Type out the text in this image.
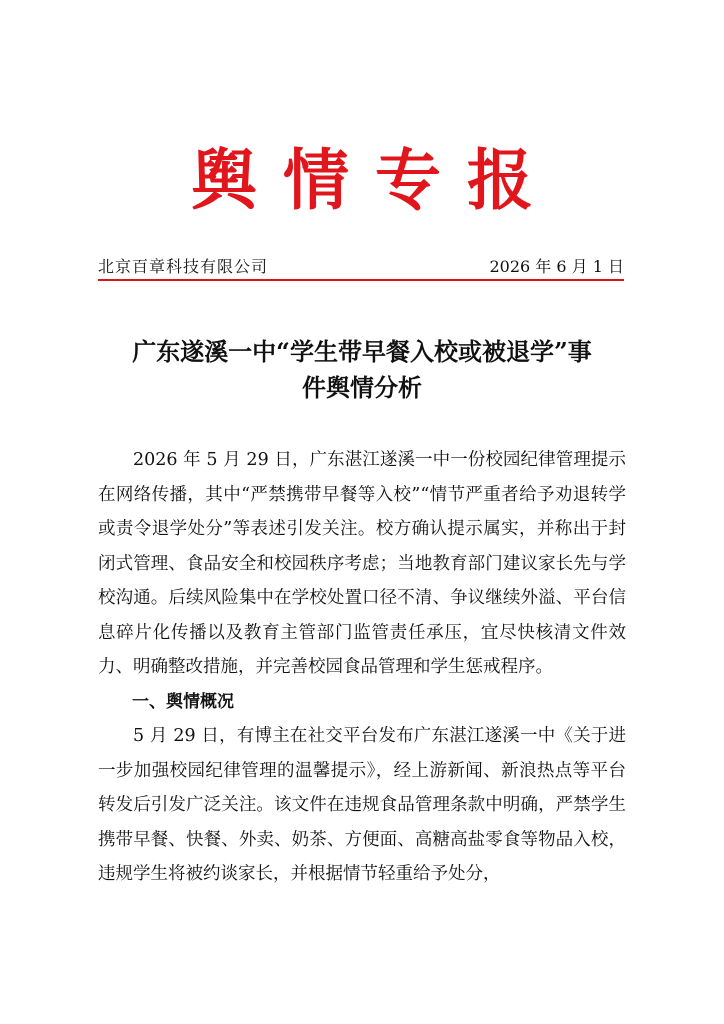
舆情专报
北京百章科技有限公司	2026 年 6 月 1 日
广东遂溪一中“学生带早餐入校或被退学”事
件舆情分析

2026 年 5 月 29 日，广东湛江遂溪一中一份校园纪律管理提示在网络传播，其中“严禁携带早餐等入校”“情节严重者给予劝退转学或责令退学处分”等表述引发关注。校方确认提示属实，并称出于封闭式管理、食品安全和校园秩序考虑；当地教育部门建议家长先与学校沟通。后续风险集中在学校处置口径不清、争议继续外溢、平台信息碎片化传播以及教育主管部门监管责任承压，宜尽快核清文件效力、明确整改措施，并完善校园食品管理和学生惩戒程序。

一、舆情概况

5 月 29 日，有博主在社交平台发布广东湛江遂溪一中《关于进一步加强校园纪律管理的温馨提示》，经上游新闻、新浪热点等平台转发后引发广泛关注。该文件在违规食品管理条款中明确，严禁学生携带早餐、快餐、外卖、奶茶、方便面、高糖高盐零食等物品入校，违规学生将被约谈家长，并根据情节轻重给予处分，
